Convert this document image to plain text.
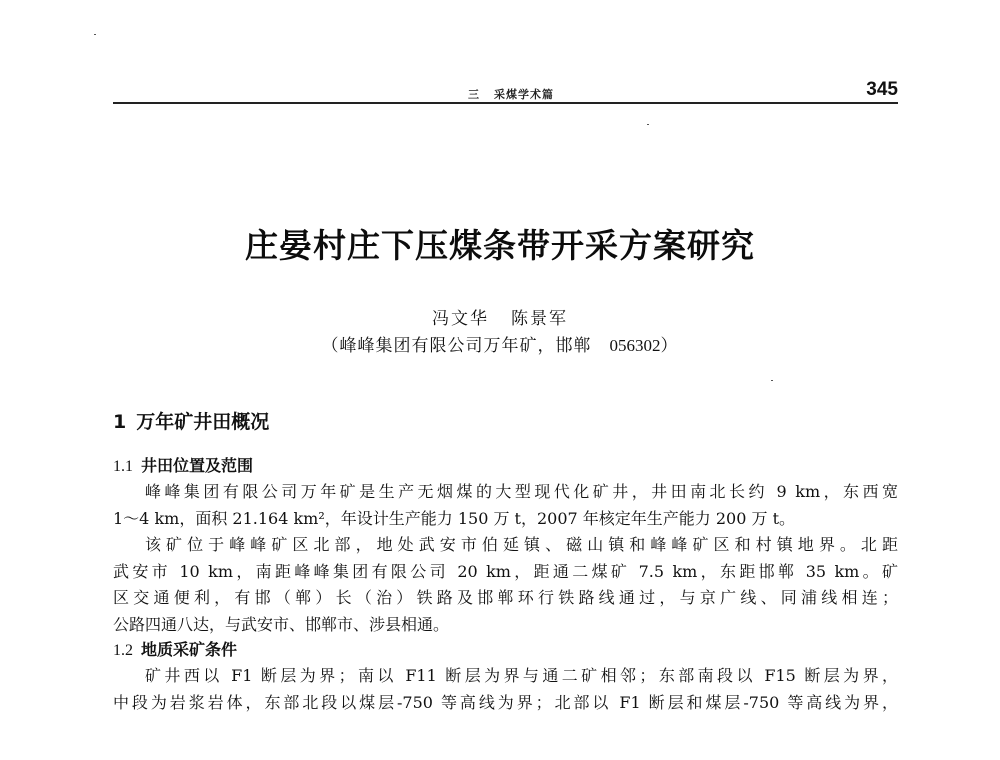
三 采煤学术篇	345
庄晏村庄下压煤条带开采方案研究
冯文华 陈景军
（峰峰集团有限公司万年矿，邯郸 056302）
1 万年矿井田概况
1.1 井田位置及范围
峰峰集团有限公司万年矿是生产无烟煤的大型现代化矿井，井田南北长约 9 km，东西宽
1～4 km，面积 21.164 km²，年设计生产能力 150 万 t，2007 年核定年生产能力 200 万 t。
该矿位于峰峰矿区北部，地处武安市伯延镇、磁山镇和峰峰矿区和村镇地界。北距
武安市 10 km，南距峰峰集团有限公司 20 km，距通二煤矿 7.5 km，东距邯郸 35 km。矿
区交通便利，有邯（郸）长（治）铁路及邯郸环行铁路线通过，与京广线、同浦线相连；
公路四通八达，与武安市、邯郸市、涉县相通。
1.2 地质采矿条件
矿井西以 F1 断层为界；南以 F11 断层为界与通二矿相邻；东部南段以 F15 断层为界，
中段为岩浆岩体，东部北段以煤层-750 等高线为界；北部以 F1 断层和煤层-750 等高线为界，
